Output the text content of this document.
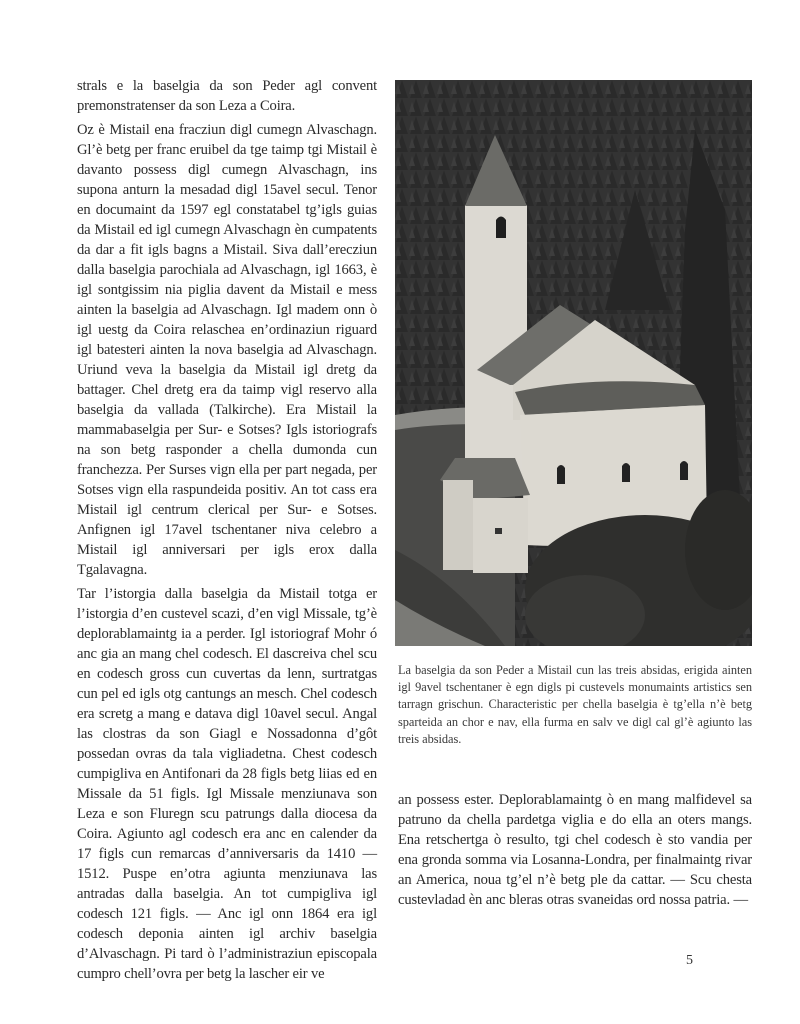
strals e la baselgia da son Peder agl convent premonstratenser da son Leza a Coira.

Oz è Mistail ena fracziun digl cumegn Alvaschagn. Gl’è betg per franc eruibel da tge taimp tgi Mistail è davanto possess digl cumegn Alvaschagn, ins supona anturn la mesadad digl 15avel secul. Tenor en documaint da 1597 egl constatabel tg’igls guias da Mistail ed igl cumegn Alvaschagn èn cumpatents da dar a fit igls bagns a Mistail. Siva dall’erecziun dalla baselgia parochiala ad Alvaschagn, igl 1663, è igl sontgissim nia piglia davent da Mistail e mess ainten la baselgia ad Alvaschagn. Igl madem onn ò igl uestg da Coira relaschea en’ordinaziun riguard igl batesteri ainten la nova baselgia ad Alvaschagn. Uriund veva la baselgia da Mistail igl dretg da battager. Chel dretg era da taimp vigl reservo alla baselgia da vallada (Talkirche). Era Mistail la mammabaselgia per Sur- e Sotses? Igls istoriografs na son betg rasponder a chella dumonda cun franchezza. Per Surses vign ella per part negada, per Sotses vign ella raspundeida positiv. An tot cass era Mistail igl centrum clerical per Sur- e Sotses. Anfignen igl 17avel tschentaner niva celebro a Mistail igl anniversari per igls erox dalla Tgalavagna.

Tar l’istorgia dalla baselgia da Mistail totga er l’istorgia d’en custevel scazi, d’en vigl Missale, tg’è deplorablamaintg ia a perder. Igl istoriograf Mohr ó anc gia an mang chel codesch. El dascreiva chel scu en codesch gross cun cuvertas da lenn, surtratgas cun pel ed igls otg cantungs an mesch. Chel codesch era scretg a mang e datava digl 10avel secul. Angal las clostras da son Giagl e Nossadonna d’gôt possedan ovras da tala vigliadetna. Chest codesch cumpigliva en Antifonari da 28 figls betg liias ed en Missale da 51 figls. Igl Missale menziunava son Leza e son Fluregn scu patrungs dalla diocesa da Coira. Agiunto agl codesch era anc en calender da 17 figls cun remarcas d’anniversaris da 1410 — 1512. Puspe en’otra agiunta menziunava las antradas dalla baselgia. An tot cumpigliva igl codesch 121 figls. — Anc igl onn 1864 era igl codesch deponia ainten igl archiv baselgia d’Alvaschagn. Pi tard ò l’administraziun episcopala cumpro chell’ovra per betg la lascher eir ve

La baselgia da son Peder a Mistail cun las treis absidas, erigida ainten igl 9avel tschentaner è egn digls pi custevels monumaints artistics sen tarragn grischun. Characteristic per chella baselgia è tg’ella n’è betg sparteida an chor e nav, ella furma en salv ve digl cal gl’è agiunto las treis absidas.

an possess ester. Deplorablamaintg ò en mang malfidevel sa patruno da chella pardetga viglia e do ella an oters mangs. Ena retschertga ò resulto, tgi chel codesch è sto vandia per ena gronda somma via Losanna-Londra, per finalmaintg rivar an America, noua tg’el n’è betg ple da cattar. — Scu chesta custevladad èn anc bleras otras svaneidas ord nossa patria. —

5
